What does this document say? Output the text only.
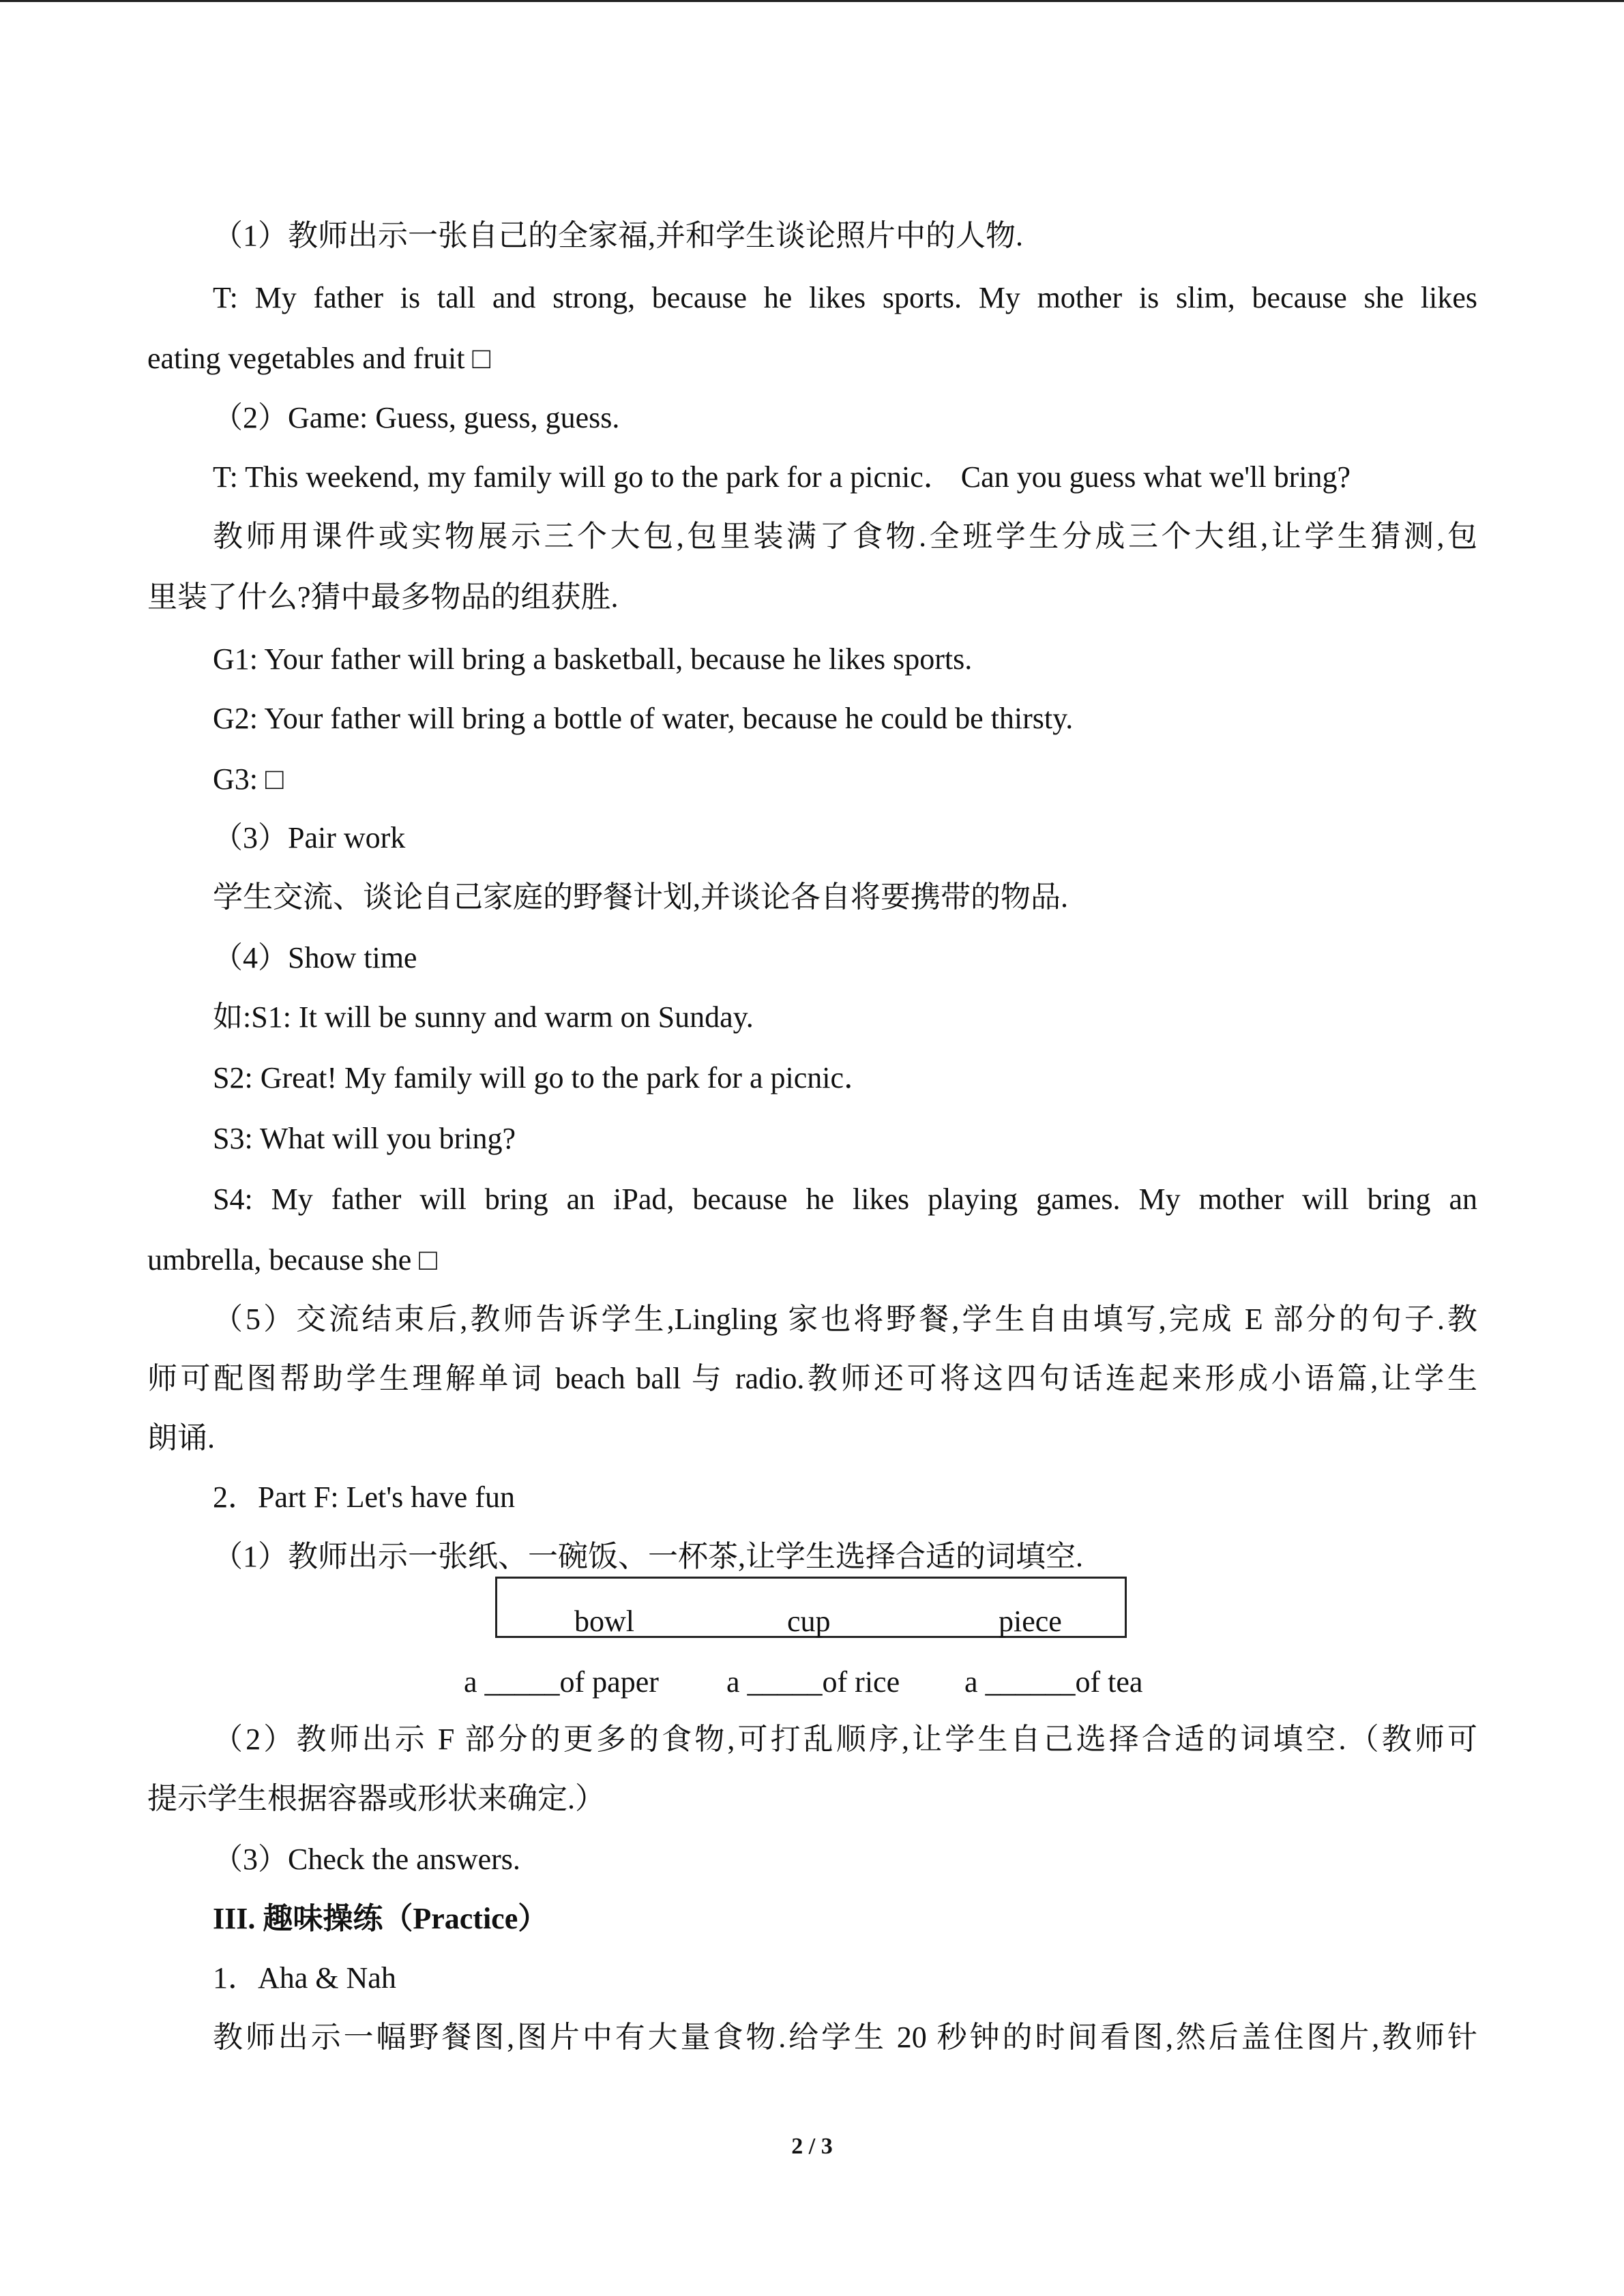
（1）教师出示一张自己的全家福,并和学生谈论照片中的人物.
T: My father is tall and strong, because he likes sports. My mother is slim, because she likes
eating vegetables and fruit □
（2）Game: Guess, guess, guess.
T: This weekend, my family will go to the park for a picnic． Can you guess what we'll bring?
教师用课件或实物展示三个大包,包里装满了食物.全班学生分成三个大组,让学生猜测,包
里装了什么?猜中最多物品的组获胜.
G1: Your father will bring a basketball, because he likes sports.
G2: Your father will bring a bottle of water, because he could be thirsty.
G3: □
（3）Pair work
学生交流、谈论自己家庭的野餐计划,并谈论各自将要携带的物品.
（4）Show time
如:S1: It will be sunny and warm on Sunday.
S2: Great! My family will go to the park for a picnic．
S3: What will you bring?
S4: My father will bring an iPad, because he likes playing games. My mother will bring an
umbrella, because she □
（5）交流结束后,教师告诉学生,Lingling 家也将野餐,学生自由填写,完成 E 部分的句子.教
师可配图帮助学生理解单词 beach ball 与 radio.教师还可将这四句话连起来形成小语篇,让学生
朗诵.
2．Part F: Let's have fun
（1）教师出示一张纸、一碗饭、一杯茶,让学生选择合适的词填空.
bowl	cup	piece
a _____of paper a _____of rice a ______of tea
（2）教师出示 F 部分的更多的食物,可打乱顺序,让学生自己选择合适的词填空.（教师可
提示学生根据容器或形状来确定.）
（3）Check the answers.
III. 趣味操练（Practice）
1．Aha & Nah
教师出示一幅野餐图,图片中有大量食物.给学生 20 秒钟的时间看图,然后盖住图片,教师针
2 / 3
